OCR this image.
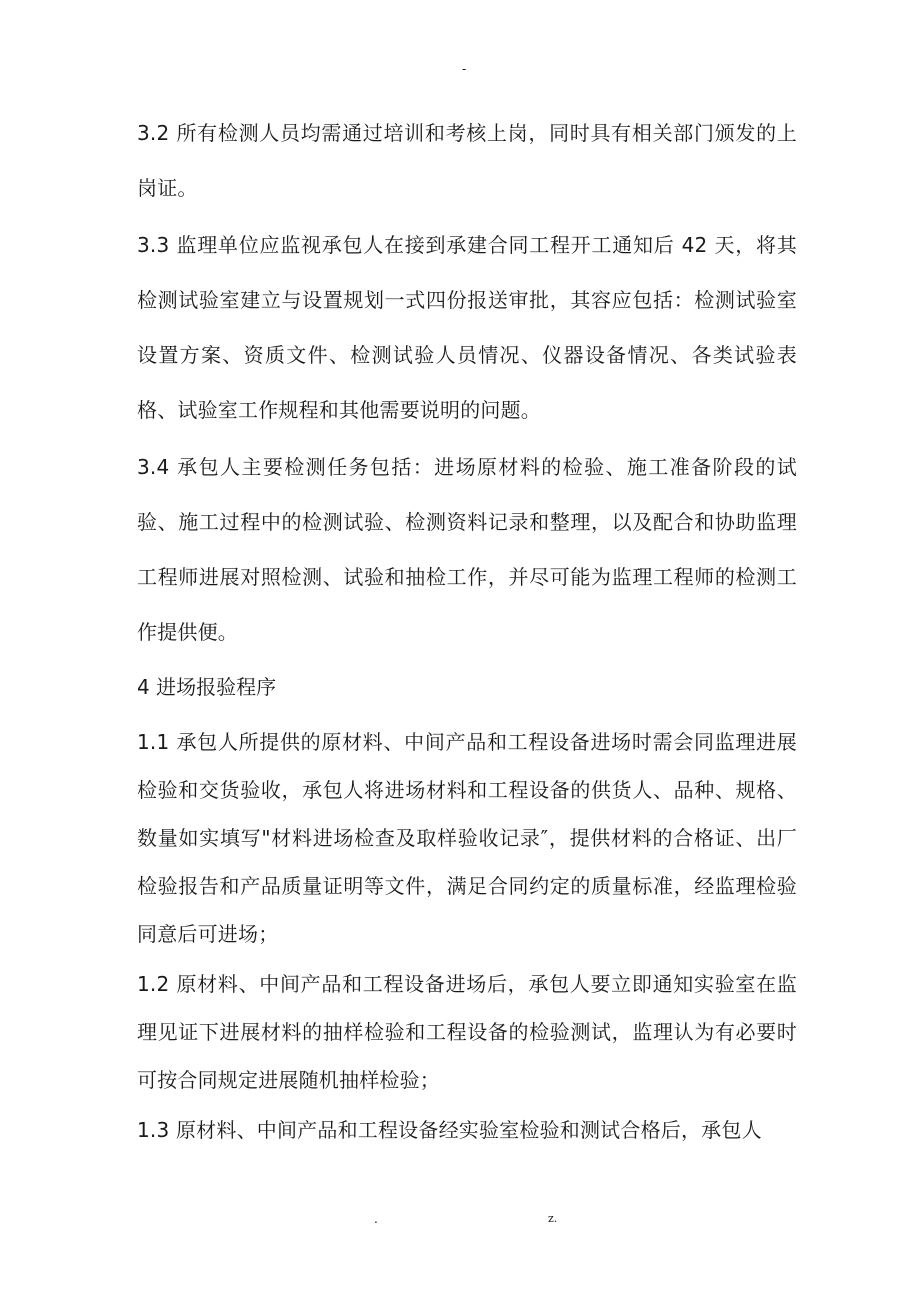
-

3.2 所有检测人员均需通过培训和考核上岗，同时具有相关部门颁发的上岗证。

3.3 监理单位应监视承包人在接到承建合同工程开工通知后 42 天，将其检测试验室建立与设置规划一式四份报送审批，其容应包括：检测试验室设置方案、资质文件、检测试验人员情况、仪器设备情况、各类试验表格、试验室工作规程和其他需要说明的问题。

3.4 承包人主要检测任务包括：进场原材料的检验、施工准备阶段的试验、施工过程中的检测试验、检测资料记录和整理，以及配合和协助监理工程师进展对照检测、试验和抽检工作，并尽可能为监理工程师的检测工作提供便。

4 进场报验程序

1.1 承包人所提供的原材料、中间产品和工程设备进场时需会同监理进展检验和交货验收，承包人将进场材料和工程设备的供货人、品种、规格、数量如实填写"材料进场检查及取样验收记录″，提供材料的合格证、出厂检验报告和产品质量证明等文件，满足合同约定的质量标准，经监理检验同意后可进场；

1.2 原材料、中间产品和工程设备进场后，承包人要立即通知实验室在监理见证下进展材料的抽样检验和工程设备的检验测试，监理认为有必要时可按合同规定进展随机抽样检验；

1.3 原材料、中间产品和工程设备经实验室检验和测试合格后，承包人

.	z.
